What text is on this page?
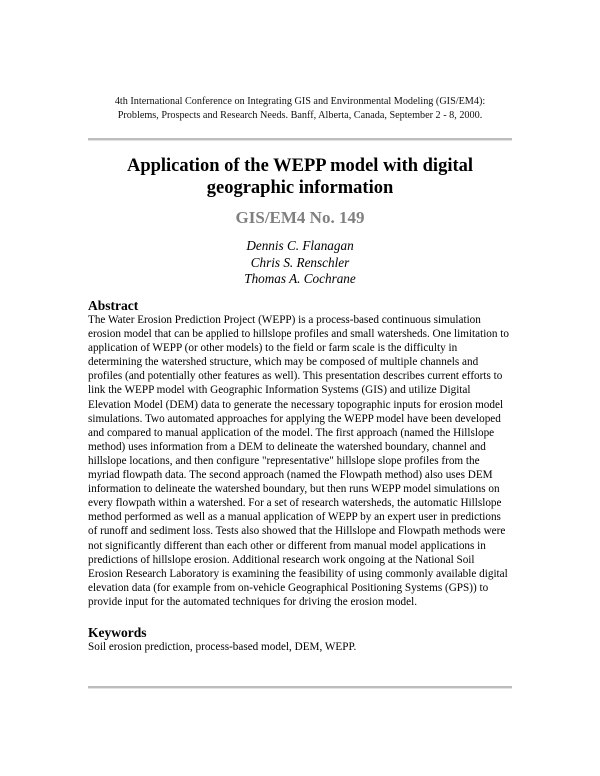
4th International Conference on Integrating GIS and Environmental Modeling (GIS/EM4):
Problems, Prospects and Research Needs. Banff, Alberta, Canada, September 2 - 8, 2000.
Application of the WEPP model with digital geographic information
GIS/EM4 No. 149
Dennis C. Flanagan
Chris S. Renschler
Thomas A. Cochrane
Abstract

The Water Erosion Prediction Project (WEPP) is a process-based continuous simulation erosion model that can be applied to hillslope profiles and small watersheds. One limitation to application of WEPP (or other models) to the field or farm scale is the difficulty in determining the watershed structure, which may be composed of multiple channels and profiles (and potentially other features as well). This presentation describes current efforts to link the WEPP model with Geographic Information Systems (GIS) and utilize Digital Elevation Model (DEM) data to generate the necessary topographic inputs for erosion model simulations. Two automated approaches for applying the WEPP model have been developed and compared to manual application of the model. The first approach (named the Hillslope method) uses information from a DEM to delineate the watershed boundary, channel and hillslope locations, and then configure "representative" hillslope slope profiles from the myriad flowpath data. The second approach (named the Flowpath method) also uses DEM information to delineate the watershed boundary, but then runs WEPP model simulations on every flowpath within a watershed. For a set of research watersheds, the automatic Hillslope method performed as well as a manual application of WEPP by an expert user in predictions of runoff and sediment loss. Tests also showed that the Hillslope and Flowpath methods were not significantly different than each other or different from manual model applications in predictions of hillslope erosion. Additional research work ongoing at the National Soil Erosion Research Laboratory is examining the feasibility of using commonly available digital elevation data (for example from on-vehicle Geographical Positioning Systems (GPS)) to provide input for the automated techniques for driving the erosion model.

Keywords
Soil erosion prediction, process-based model, DEM, WEPP.
